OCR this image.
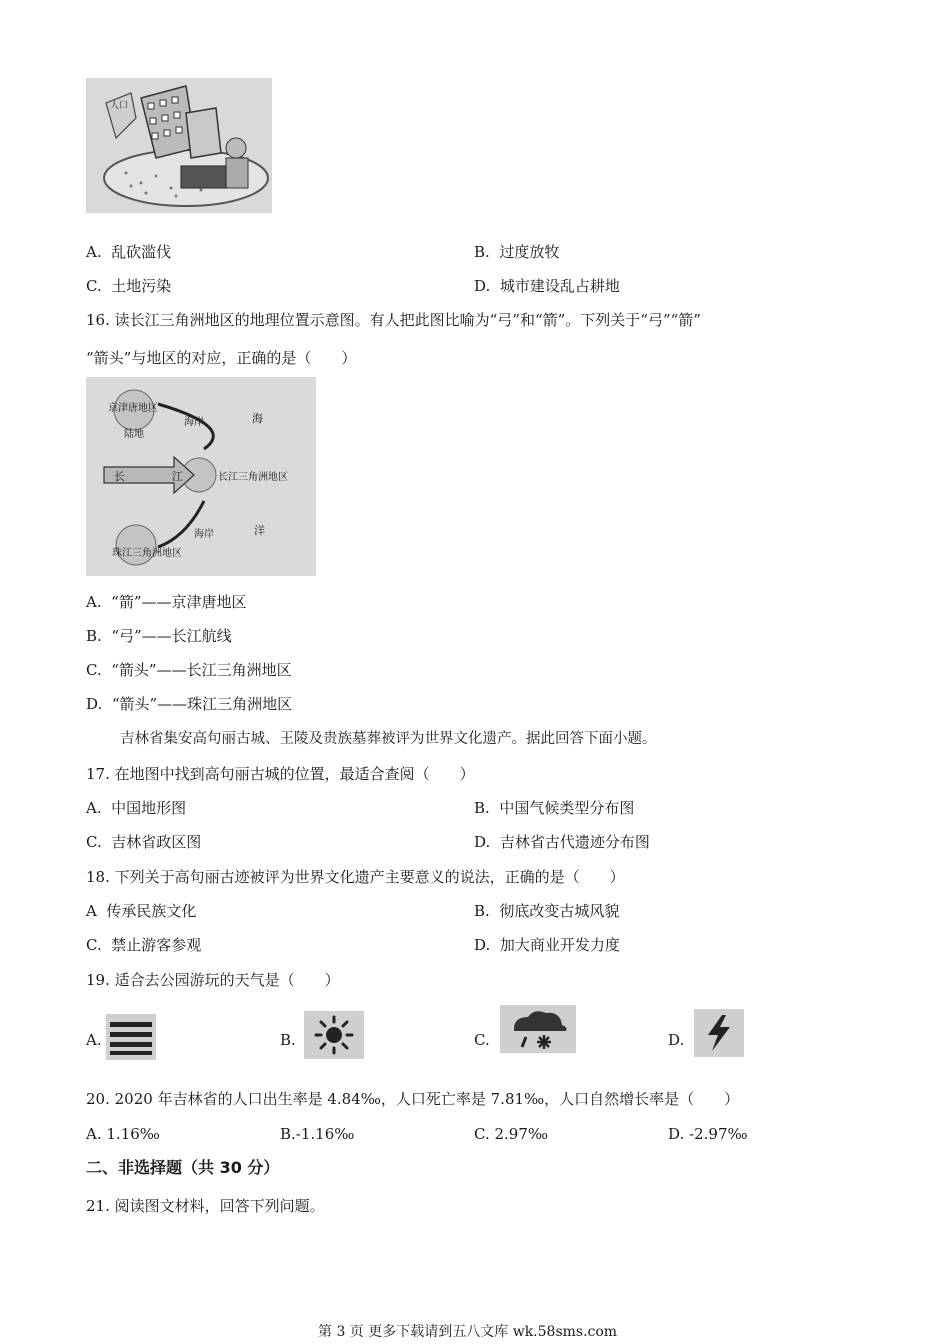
人口
A. 乱砍滥伐	B. 过度放牧
C. 土地污染	D. 城市建设乱占耕地
16. 读长江三角洲地区的地理位置示意图。有人把此图比喻为“弓”和“箭”。下列关于“弓”“箭”
“箭头”与地区的对应，正确的是（　　）
京津唐地区
陆地
海岸	海
长	江	长江三角洲地区
海岸	洋
珠江三角洲地区
A. “箭”——京津唐地区
B. “弓”——长江航线
C. “箭头”——长江三角洲地区
D. “箭头”——珠江三角洲地区
吉林省集安高句丽古城、王陵及贵族墓葬被评为世界文化遗产。据此回答下面小题。
17. 在地图中找到高句丽古城的位置，最适合查阅（　　）
A. 中国地形图	B. 中国气候类型分布图
C. 吉林省政区图	D. 吉林省古代遗迹分布图
18. 下列关于高句丽古迹被评为世界文化遗产主要意义的说法，正确的是（　　）
A 传承民族文化	B. 彻底改变古城风貌
C. 禁止游客参观	D. 加大商业开发力度
19. 适合去公园游玩的天气是（　　）
A.	B.	C.	D.
20. 2020 年吉林省的人口出生率是 4.84‰，人口死亡率是 7.81‰，人口自然增长率是（　　）
A. 1.16‰	B.-1.16‰	C. 2.97‰	D. -2.97‰
二、非选择题（共 30 分）
21. 阅读图文材料，回答下列问题。
第 3 页 更多下载请到五八文库 wk.58sms.com
